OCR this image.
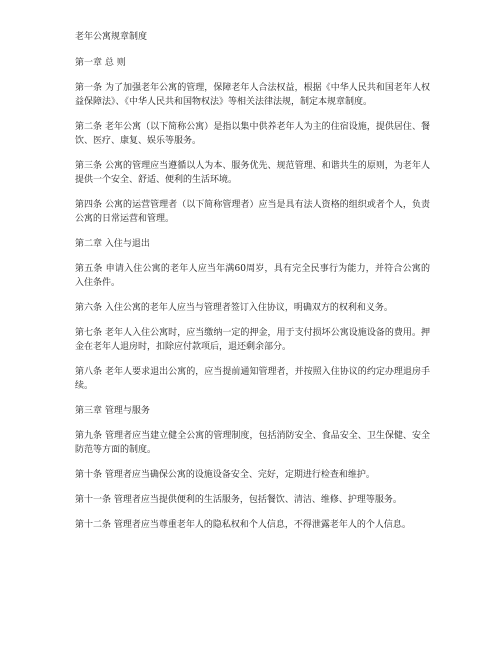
老年公寓规章制度
第一章 总 则
第一条 为了加强老年公寓的管理，保障老年人合法权益，根据《中华人民共和国老年人权益保障法》、《中华人民共和国物权法》等相关法律法规，制定本规章制度。
第二条 老年公寓（以下简称公寓）是指以集中供养老年人为主的住宿设施，提供居住、餐饮、医疗、康复、娱乐等服务。
第三条 公寓的管理应当遵循以人为本、服务优先、规范管理、和谐共生的原则，为老年人提供一个安全、舒适、便利的生活环境。
第四条 公寓的运营管理者（以下简称管理者）应当是具有法人资格的组织或者个人，负责公寓的日常运营和管理。
第二章 入住与退出
第五条 申请入住公寓的老年人应当年满60周岁，具有完全民事行为能力，并符合公寓的入住条件。
第六条 入住公寓的老年人应当与管理者签订入住协议，明确双方的权利和义务。
第七条 老年人入住公寓时，应当缴纳一定的押金，用于支付损坏公寓设施设备的费用。押金在老年人退房时，扣除应付款项后，退还剩余部分。
第八条 老年人要求退出公寓的，应当提前通知管理者，并按照入住协议的约定办理退房手续。
第三章 管理与服务
第九条 管理者应当建立健全公寓的管理制度，包括消防安全、食品安全、卫生保健、安全防范等方面的制度。
第十条 管理者应当确保公寓的设施设备安全、完好，定期进行检查和维护。
第十一条 管理者应当提供便利的生活服务，包括餐饮、清洁、维修、护理等服务。
第十二条 管理者应当尊重老年人的隐私权和个人信息，不得泄露老年人的个人信息。
